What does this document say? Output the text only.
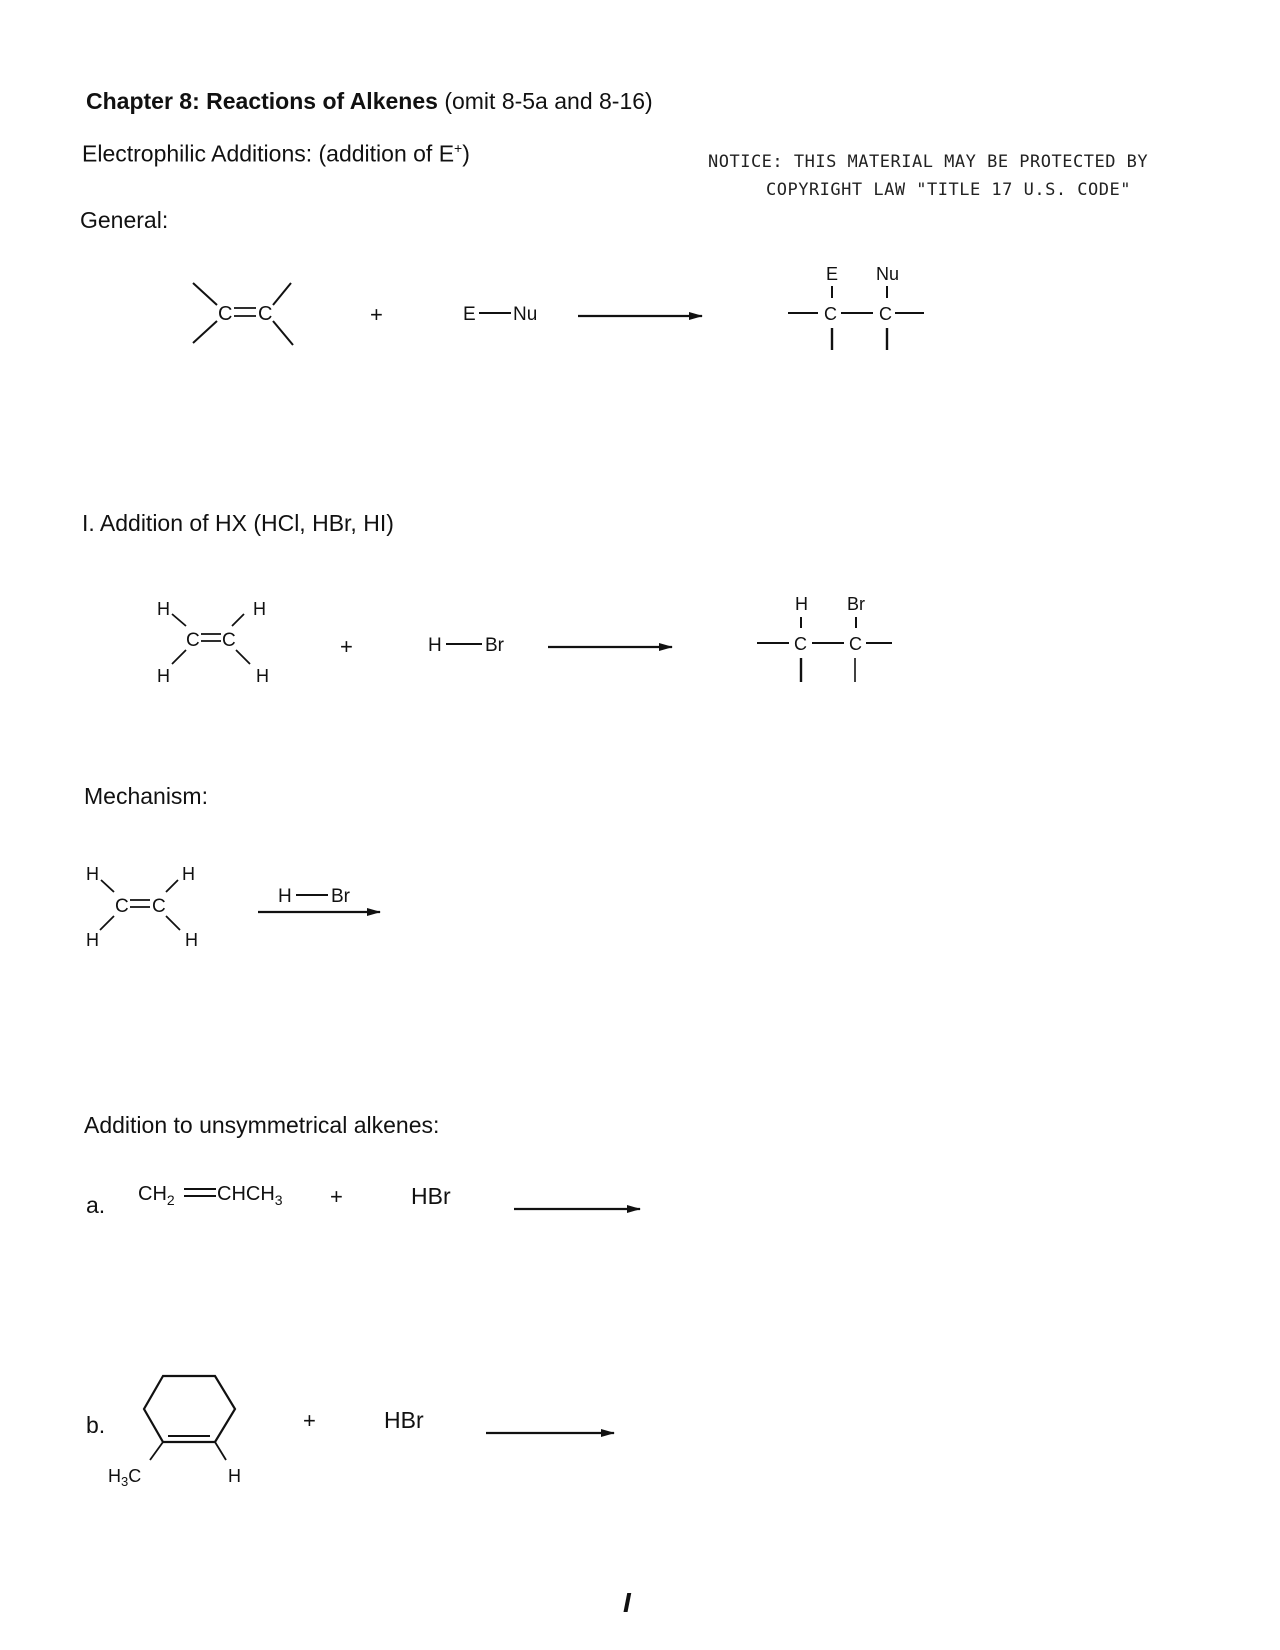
Chapter 8: Reactions of Alkenes (omit 8-5a and 8-16)
Electrophilic Additions: (addition of E+)	NOTICE: THIS MATERIAL MAY BE PROTECTED BY
COPYRIGHT LAW "TITLE 17 U.S. CODE"
General:
I. Addition of HX (HCl, HBr, HI)
Mechanism:
Addition to unsymmetrical alkenes:
a.
b.
C C	+	E Nu
E Nu
C C
H	H
C C
H	H
+	H Br
H Br
C C
H	H
C C
H	H
H Br
$CH_2$ $CHCH_3$ +	HBr
$H_3C$	H
+	HBr
I
